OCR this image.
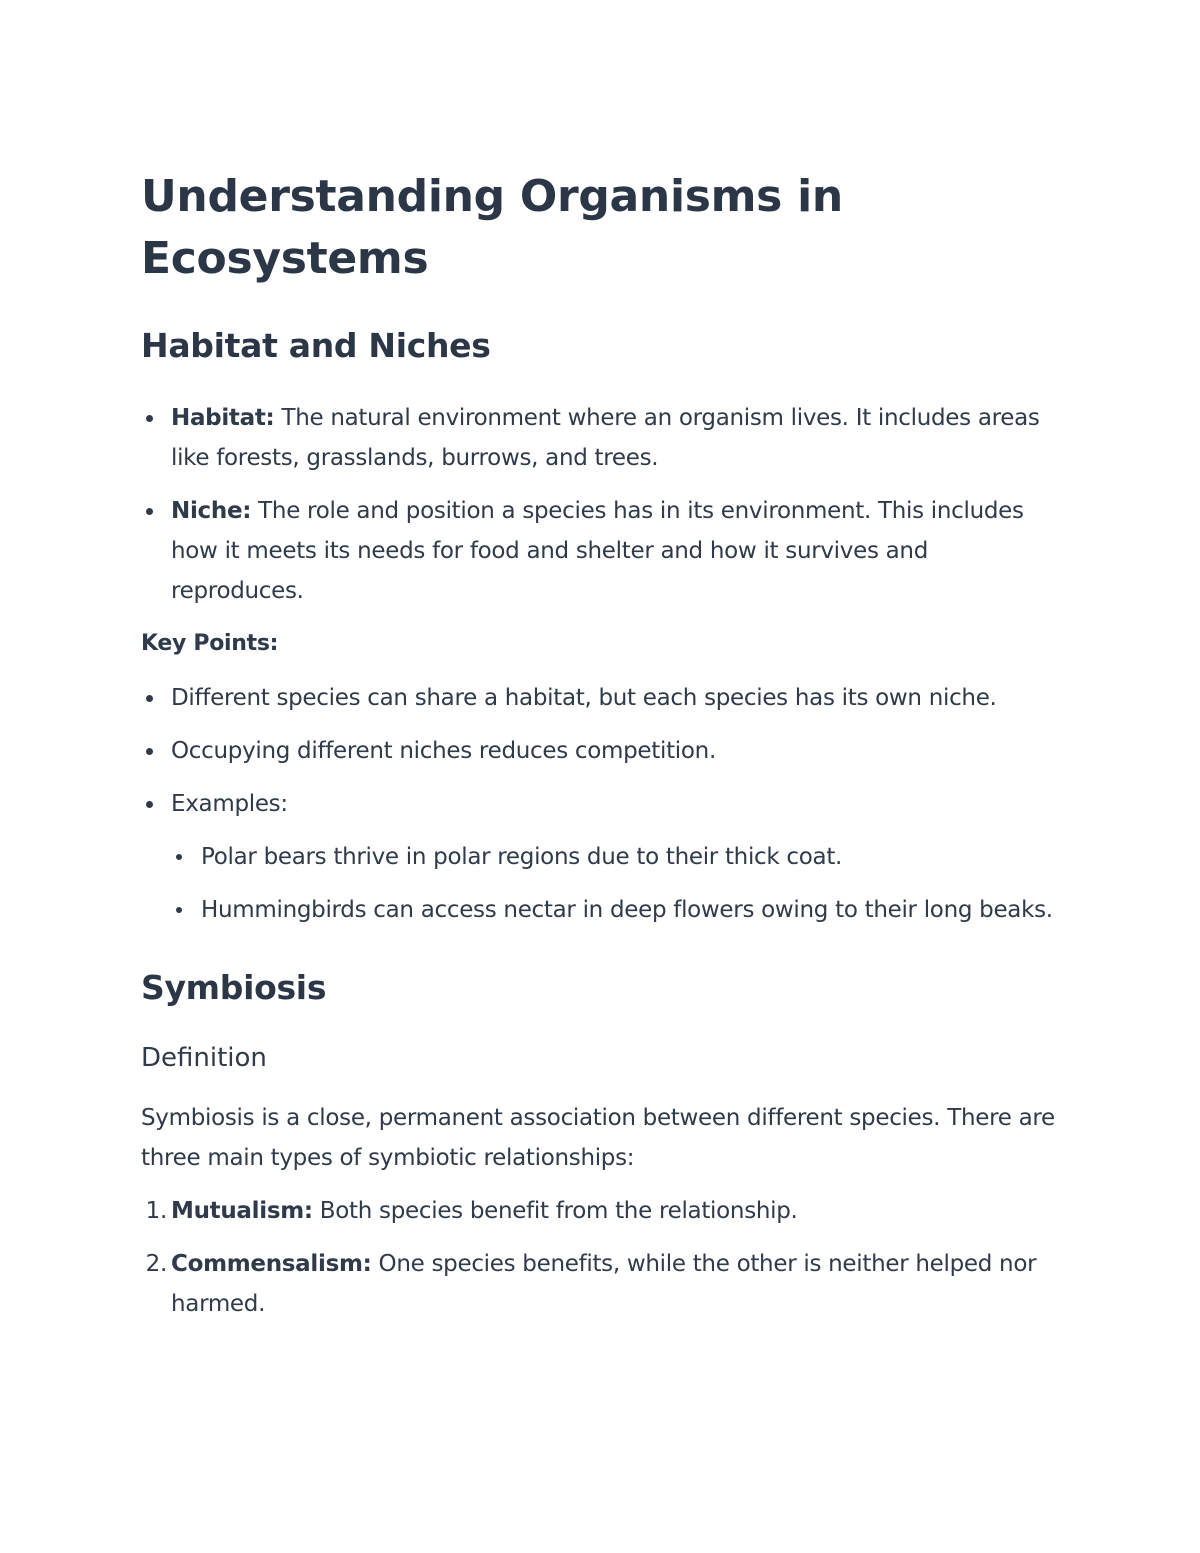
Understanding Organisms in Ecosystems
Habitat and Niches
Habitat: The natural environment where an organism lives. It includes areas like forests, grasslands, burrows, and trees.
Niche: The role and position a species has in its environment. This includes how it meets its needs for food and shelter and how it survives and reproduces.

Key Points:

Different species can share a habitat, but each species has its own niche.
Occupying different niches reduces competition.
Examples:
Polar bears thrive in polar regions due to their thick coat.
Hummingbirds can access nectar in deep flowers owing to their long beaks.
Symbiosis
Definition

Symbiosis is a close, permanent association between different species. There are three main types of symbiotic relationships:

1. Mutualism: Both species benefit from the relationship.
2. Commensalism: One species benefits, while the other is neither helped nor harmed.
